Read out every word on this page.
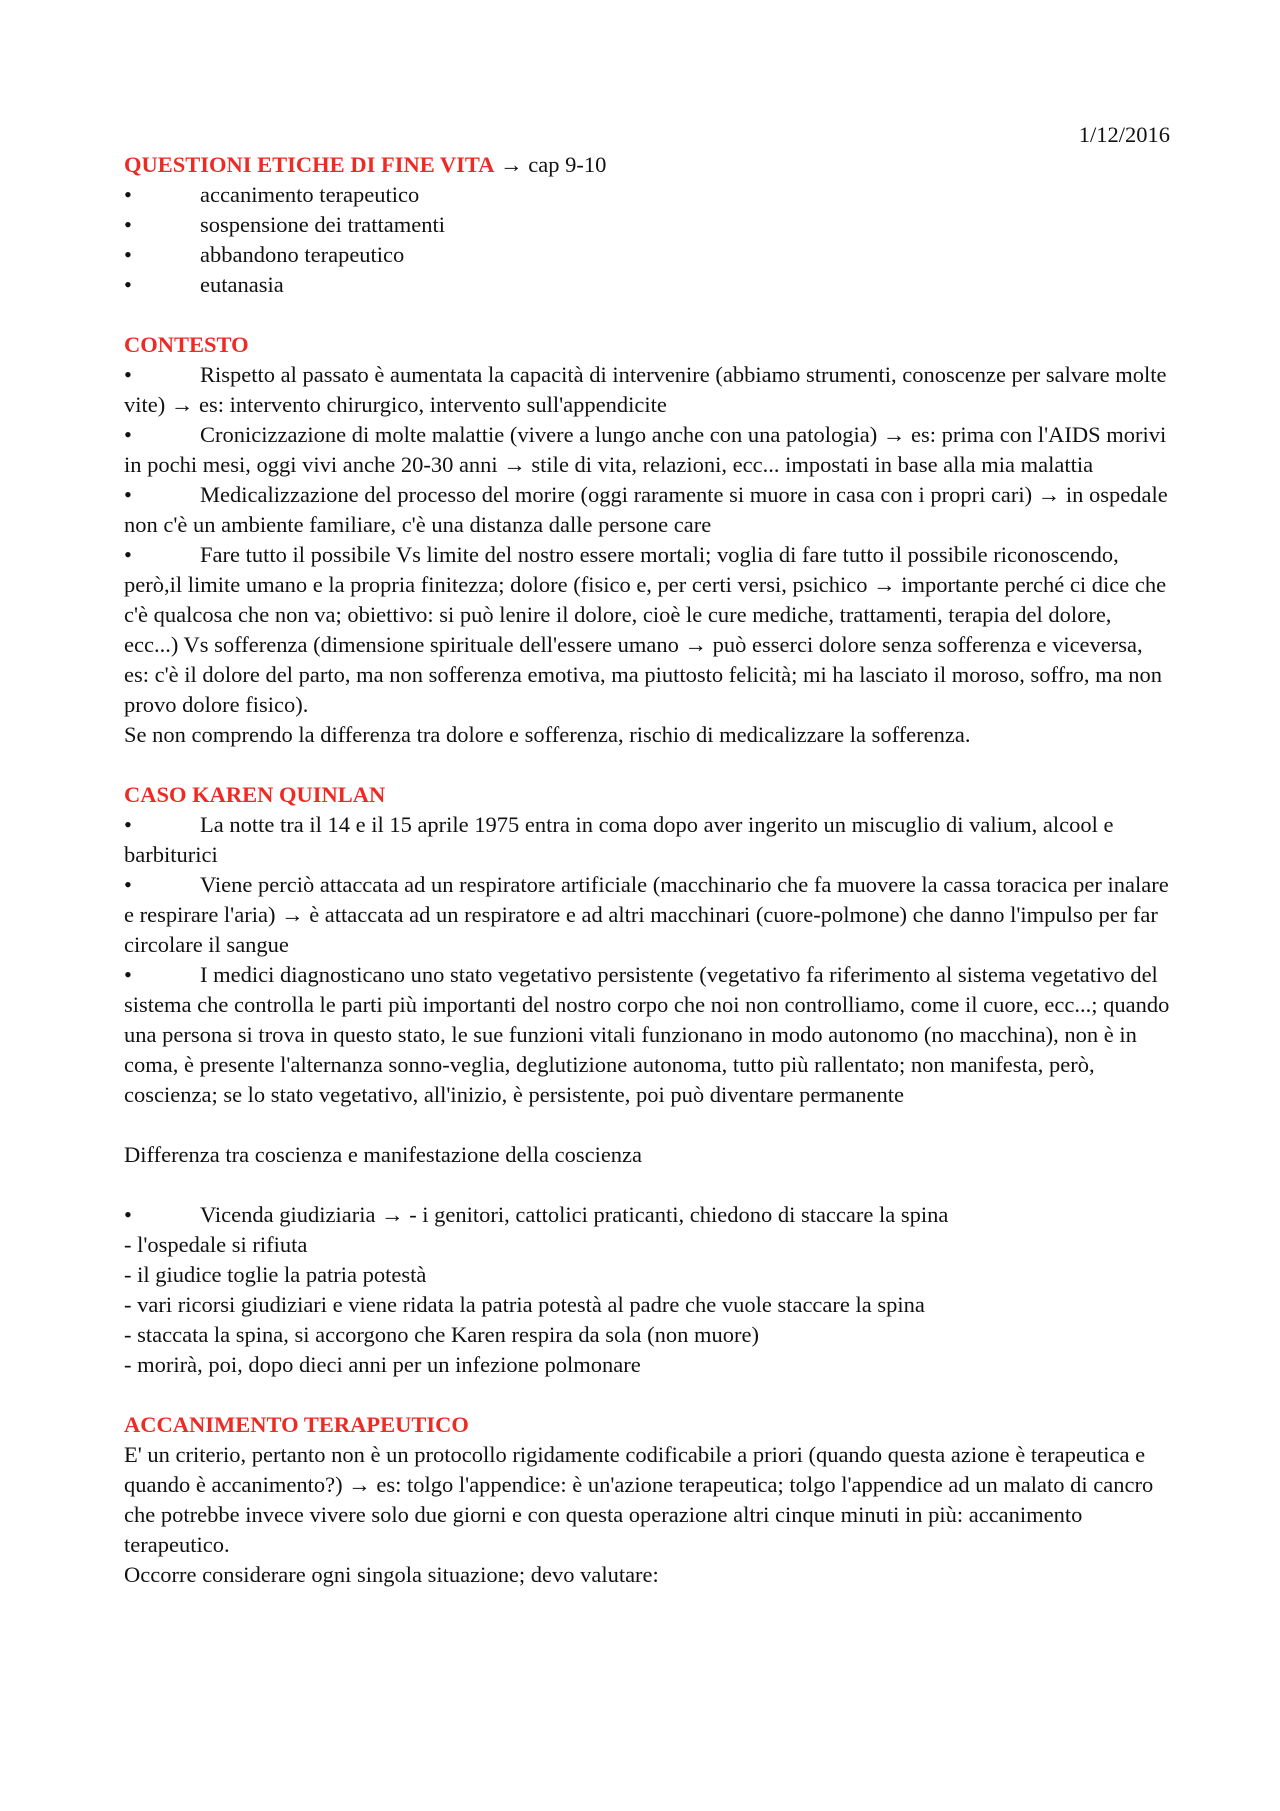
1/12/2016
QUESTIONI ETICHE DI FINE VITA → cap 9-10
•	accanimento terapeutico
•	sospensione dei trattamenti
•	abbandono terapeutico
•	eutanasia
CONTESTO
•	Rispetto al passato è aumentata la capacità di intervenire (abbiamo strumenti, conoscenze per salvare molte vite) → es: intervento chirurgico, intervento sull'appendicite
•	Cronicizzazione di molte malattie (vivere a lungo anche con una patologia) → es: prima con l'AIDS morivi in pochi mesi, oggi vivi anche 20-30 anni → stile di vita, relazioni, ecc... impostati in base alla mia malattia
•	Medicalizzazione del processo del morire (oggi raramente si muore in casa con i propri cari) → in ospedale non c'è un ambiente familiare, c'è una distanza dalle persone care
•	Fare tutto il possibile Vs limite del nostro essere mortali; voglia di fare tutto il possibile riconoscendo, però,il limite umano e la propria finitezza; dolore (fisico e, per certi versi, psichico → importante perché ci dice che c'è qualcosa che non va; obiettivo: si può lenire il dolore, cioè le cure mediche, trattamenti, terapia del dolore, ecc...) Vs sofferenza (dimensione spirituale dell'essere umano → può esserci dolore senza sofferenza e viceversa, es: c'è il dolore del parto, ma non sofferenza emotiva, ma piuttosto felicità; mi ha lasciato il moroso, soffro, ma non provo dolore fisico).
Se non comprendo la differenza tra dolore e sofferenza, rischio di medicalizzare la sofferenza.
CASO KAREN QUINLAN
•	La notte tra il 14 e il 15 aprile 1975 entra in coma dopo aver ingerito un miscuglio di valium, alcool e barbiturici
•	Viene perciò attaccata ad un respiratore artificiale (macchinario che fa muovere la cassa toracica per inalare e respirare l'aria) → è attaccata ad un respiratore e ad altri macchinari (cuore-polmone) che danno l'impulso per far circolare il sangue
•	I medici diagnosticano uno stato vegetativo persistente (vegetativo fa riferimento al sistema vegetativo del sistema che controlla le parti più importanti del nostro corpo che noi non controlliamo, come il cuore, ecc...; quando una persona si trova in questo stato, le sue funzioni vitali funzionano in modo autonomo (no macchina), non è in coma, è presente l'alternanza sonno-veglia, deglutizione autonoma, tutto più rallentato; non manifesta, però, coscienza; se lo stato vegetativo, all'inizio, è persistente, poi può diventare permanente
Differenza tra coscienza e manifestazione della coscienza
•	Vicenda giudiziaria → - i genitori, cattolici praticanti, chiedono di staccare la spina
- l'ospedale si rifiuta
- il giudice toglie la patria potestà
- vari ricorsi giudiziari e viene ridata la patria potestà al padre che vuole staccare la spina
- staccata la spina, si accorgono che Karen respira da sola (non muore)
- morirà, poi, dopo dieci anni per un infezione polmonare
ACCANIMENTO TERAPEUTICO
E' un criterio, pertanto non è un protocollo rigidamente codificabile a priori (quando questa azione è terapeutica e quando è accanimento?) → es: tolgo l'appendice: è un'azione terapeutica; tolgo l'appendice ad un malato di cancro che potrebbe invece vivere solo due giorni e con questa operazione altri cinque minuti in più: accanimento terapeutico.
Occorre considerare ogni singola situazione; devo valutare:
